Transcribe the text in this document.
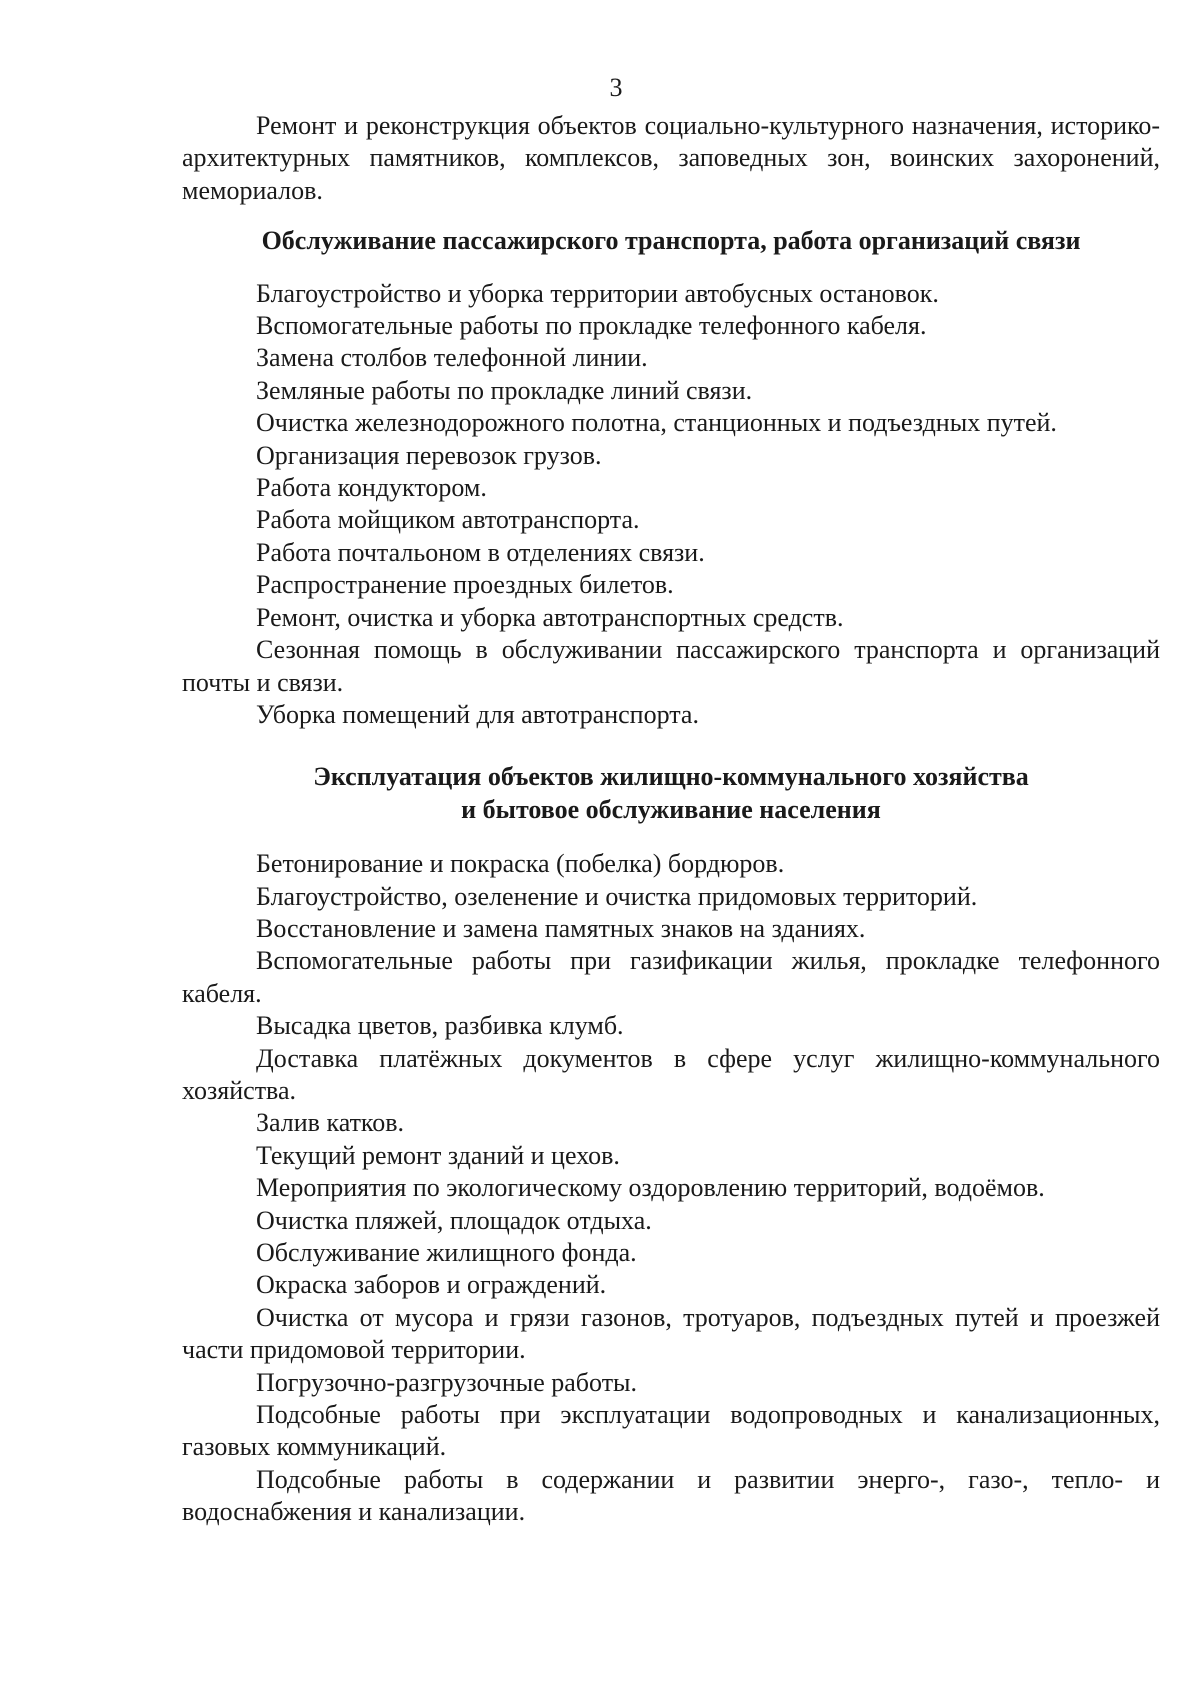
3

Ремонт и реконструкция объектов социально-культурного назначения, историко-архитектурных памятников, комплексов, заповедных зон, воинских захоронений, мемориалов.

Обслуживание пассажирского транспорта, работа организаций связи

Благоустройство и уборка территории автобусных остановок.

Вспомогательные работы по прокладке телефонного кабеля.

Замена столбов телефонной линии.

Земляные работы по прокладке линий связи.

Очистка железнодорожного полотна, станционных и подъездных путей.

Организация перевозок грузов.

Работа кондуктором.

Работа мойщиком автотранспорта.

Работа почтальоном в отделениях связи.

Распространение проездных билетов.

Ремонт, очистка и уборка автотранспортных средств.

Сезонная помощь в обслуживании пассажирского транспорта и организаций почты и связи.

Уборка помещений для автотранспорта.

Эксплуатация объектов жилищно-коммунального хозяйства

и бытовое обслуживание населения

Бетонирование и покраска (побелка) бордюров.

Благоустройство, озеленение и очистка придомовых территорий.

Восстановление и замена памятных знаков на зданиях.

Вспомогательные работы при газификации жилья, прокладке телефонного кабеля.

Высадка цветов, разбивка клумб.

Доставка платёжных документов в сфере услуг жилищно-коммунального хозяйства.

Залив катков.

Текущий ремонт зданий и цехов.

Мероприятия по экологическому оздоровлению территорий, водоёмов.

Очистка пляжей, площадок отдыха.

Обслуживание жилищного фонда.

Окраска заборов и ограждений.

Очистка от мусора и грязи газонов, тротуаров, подъездных путей и проезжей части придомовой территории.

Погрузочно-разгрузочные работы.

Подсобные работы при эксплуатации водопроводных и канализационных, газовых коммуникаций.

Подсобные работы в содержании и развитии энерго-, газо-, тепло- и водоснабжения и канализации.
